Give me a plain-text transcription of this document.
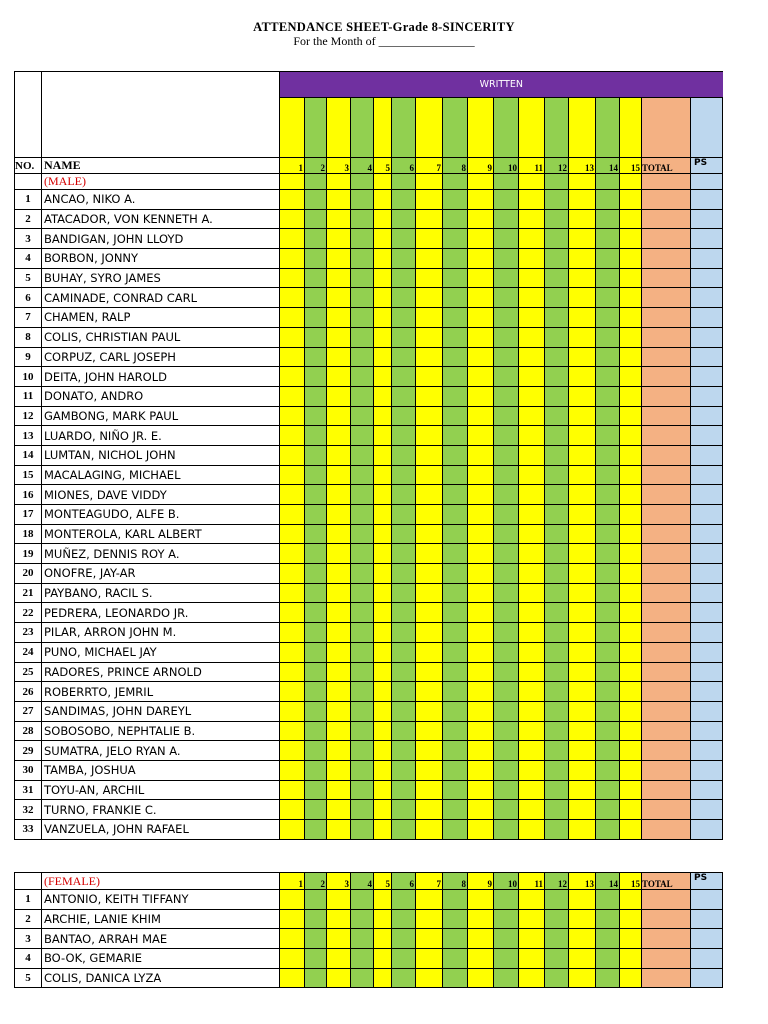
ATTENDANCE SHEET-Grade 8-SINCERITY
For the Month of ________________
		WRITTEN																

NO.	NAME	1	2	3	4	5	6	7	8	9	10	11	12	13	14	15	TOTAL	PS
	(MALE)																	
1	ANCAO, NIKO A.																	
2	ATACADOR, VON KENNETH A.																	
3	BANDIGAN, JOHN LLOYD																	
4	BORBON, JONNY																	
5	BUHAY, SYRO JAMES																	
6	CAMINADE, CONRAD CARL																	
7	CHAMEN, RALP																	
8	COLIS, CHRISTIAN PAUL																	
9	CORPUZ, CARL JOSEPH																	
10	DEITA, JOHN HAROLD																	
11	DONATO, ANDRO																	
12	GAMBONG, MARK PAUL																	
13	LUARDO, NIÑO JR. E.																	
14	LUMTAN, NICHOL JOHN																	
15	MACALAGING, MICHAEL																	
16	MIONES, DAVE VIDDY																	
17	MONTEAGUDO, ALFE B.																	
18	MONTEROLA, KARL ALBERT																	
19	MUÑEZ, DENNIS ROY A.																	
20	ONOFRE, JAY-AR																	
21	PAYBANO, RACIL S.																	
22	PEDRERA, LEONARDO JR.																	
23	PILAR, ARRON JOHN M.																	
24	PUNO, MICHAEL JAY																	
25	RADORES, PRINCE ARNOLD																	
26	ROBERRTO, JEMRIL																	
27	SANDIMAS, JOHN DAREYL																	
28	SOBOSOBO, NEPHTALIE B.																	
29	SUMATRA, JELO RYAN A.																	
30	TAMBA, JOSHUA																	
31	TOYU-AN, ARCHIL																	
32	TURNO, FRANKIE C.																	
33	VANZUELA, JOHN RAFAEL																	
	(FEMALE)	1	2	3	4	5	6	7	8	9	10	11	12	13	14	15	TOTAL	PS
1	ANTONIO, KEITH TIFFANY																	
2	ARCHIE, LANIE KHIM																	
3	BANTAO, ARRAH MAE																	
4	BO-OK, GEMARIE																	
5	COLIS, DANICA LYZA																	
